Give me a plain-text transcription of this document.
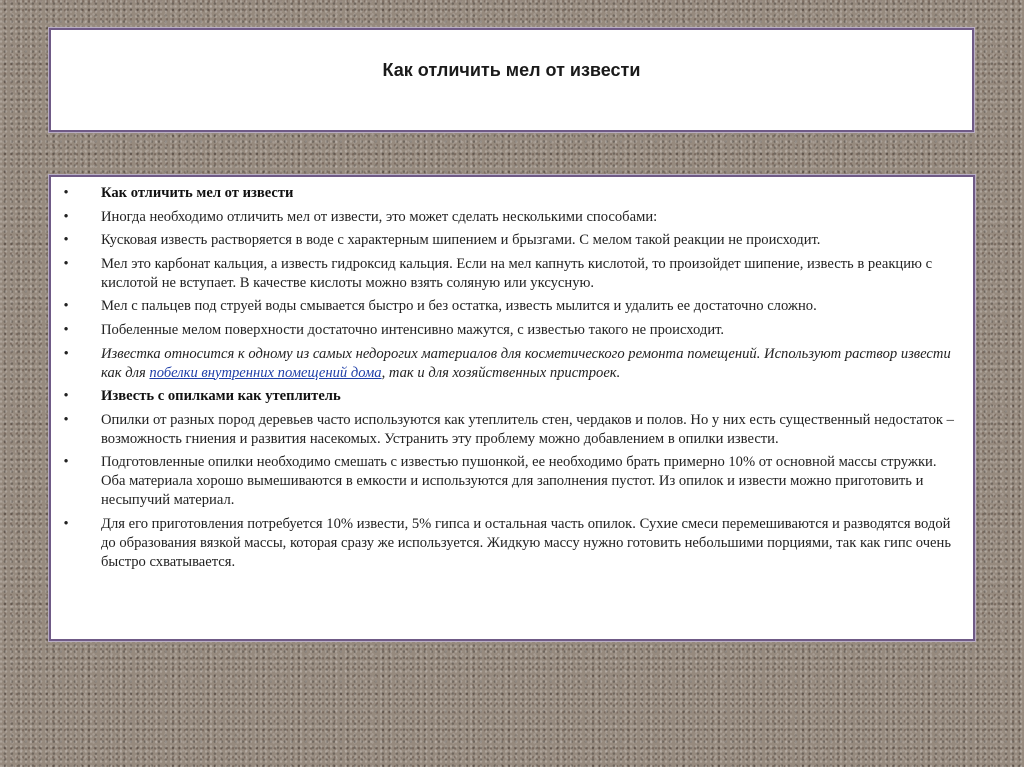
Как отличить мел от извести
• Как отличить мел от извести
• Иногда необходимо отличить мел от извести, это может сделать несколькими способами:
• Кусковая известь растворяется в воде с характерным шипением и брызгами. С мелом такой реакции не происходит.
• Мел это карбонат кальция, а известь гидроксид кальция. Если на мел капнуть кислотой, то произойдет шипение, известь в реакцию с кислотой не вступает. В качестве кислоты можно взять соляную или уксусную.
• Мел с пальцев под струей воды смывается быстро и без остатка, известь мылится и удалить ее достаточно сложно.
• Побеленные мелом поверхности достаточно интенсивно мажутся, с известью такого не происходит.
• Известка относится к одному из самых недорогих материалов для косметического ремонта помещений. Используют раствор извести как для побелки внутренних помещений дома, так и для хозяйственных пристроек.
• Известь с опилками как утеплитель
• Опилки от разных пород деревьев часто используются как утеплитель стен, чердаков и полов. Но у них есть существенный недостаток – возможность гниения и развития насекомых. Устранить эту проблему можно добавлением в опилки извести.
• Подготовленные опилки необходимо смешать с известью пушонкой, ее необходимо брать примерно 10% от основной массы стружки. Оба материала хорошо вымешиваются в емкости и используются для заполнения пустот. Из опилок и извести можно приготовить и несыпучий материал.
• Для его приготовления потребуется 10% извести, 5% гипса и остальная часть опилок. Сухие смеси перемешиваются и разводятся водой до образования вязкой массы, которая сразу же используется. Жидкую массу нужно готовить небольшими порциями, так как гипс очень быстро схватывается.
